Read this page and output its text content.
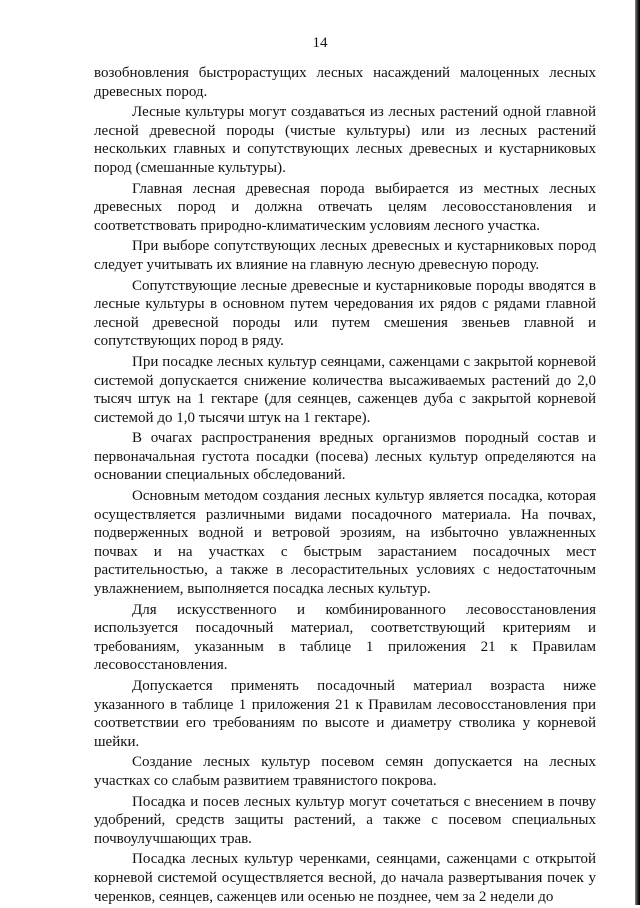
14

возобновления быстрорастущих лесных насаждений малоценных лесных древесных пород.

Лесные культуры могут создаваться из лесных растений одной главной лесной древесной породы (чистые культуры) или из лесных растений нескольких главных и сопутствующих лесных древесных и кустарниковых пород (смешанные культуры).

Главная лесная древесная порода выбирается из местных лесных древесных пород и должна отвечать целям лесовосстановления и соответствовать природно-климатическим условиям лесного участка.

При выборе сопутствующих лесных древесных и кустарниковых пород следует учитывать их влияние на главную лесную древесную породу.

Сопутствующие лесные древесные и кустарниковые породы вводятся в лесные культуры в основном путем чередования их рядов с рядами главной лесной древесной породы или путем смешения звеньев главной и сопутствующих пород в ряду.

При посадке лесных культур сеянцами, саженцами с закрытой корневой системой допускается снижение количества высаживаемых растений до 2,0 тысяч штук на 1 гектаре (для сеянцев, саженцев дуба с закрытой корневой системой до 1,0 тысячи штук на 1 гектаре).

В очагах распространения вредных организмов породный состав и первоначальная густота посадки (посева) лесных культур определяются на основании специальных обследований.

Основным методом создания лесных культур является посадка, которая осуществляется различными видами посадочного материала. На почвах, подверженных водной и ветровой эрозиям, на избыточно увлажненных почвах и на участках с быстрым зарастанием посадочных мест растительностью, а также в лесорастительных условиях с недостаточным увлажнением, выполняется посадка лесных культур.

Для искусственного и комбинированного лесовосстановления используется посадочный материал, соответствующий критериям и требованиям, указанным в таблице 1 приложения 21 к Правилам лесовосстановления.

Допускается применять посадочный материал возраста ниже указанного в таблице 1 приложения 21 к Правилам лесовосстановления при соответствии его требованиям по высоте и диаметру стволика у корневой шейки.

Создание лесных культур посевом семян допускается на лесных участках со слабым развитием травянистого покрова.

Посадка и посев лесных культур могут сочетаться с внесением в почву удобрений, средств защиты растений, а также с посевом специальных почвоулучшающих трав.

Посадка лесных культур черенками, сеянцами, саженцами с открытой корневой системой осуществляется весной, до начала развертывания почек у черенков, сеянцев, саженцев или осенью не позднее, чем за 2 недели до
